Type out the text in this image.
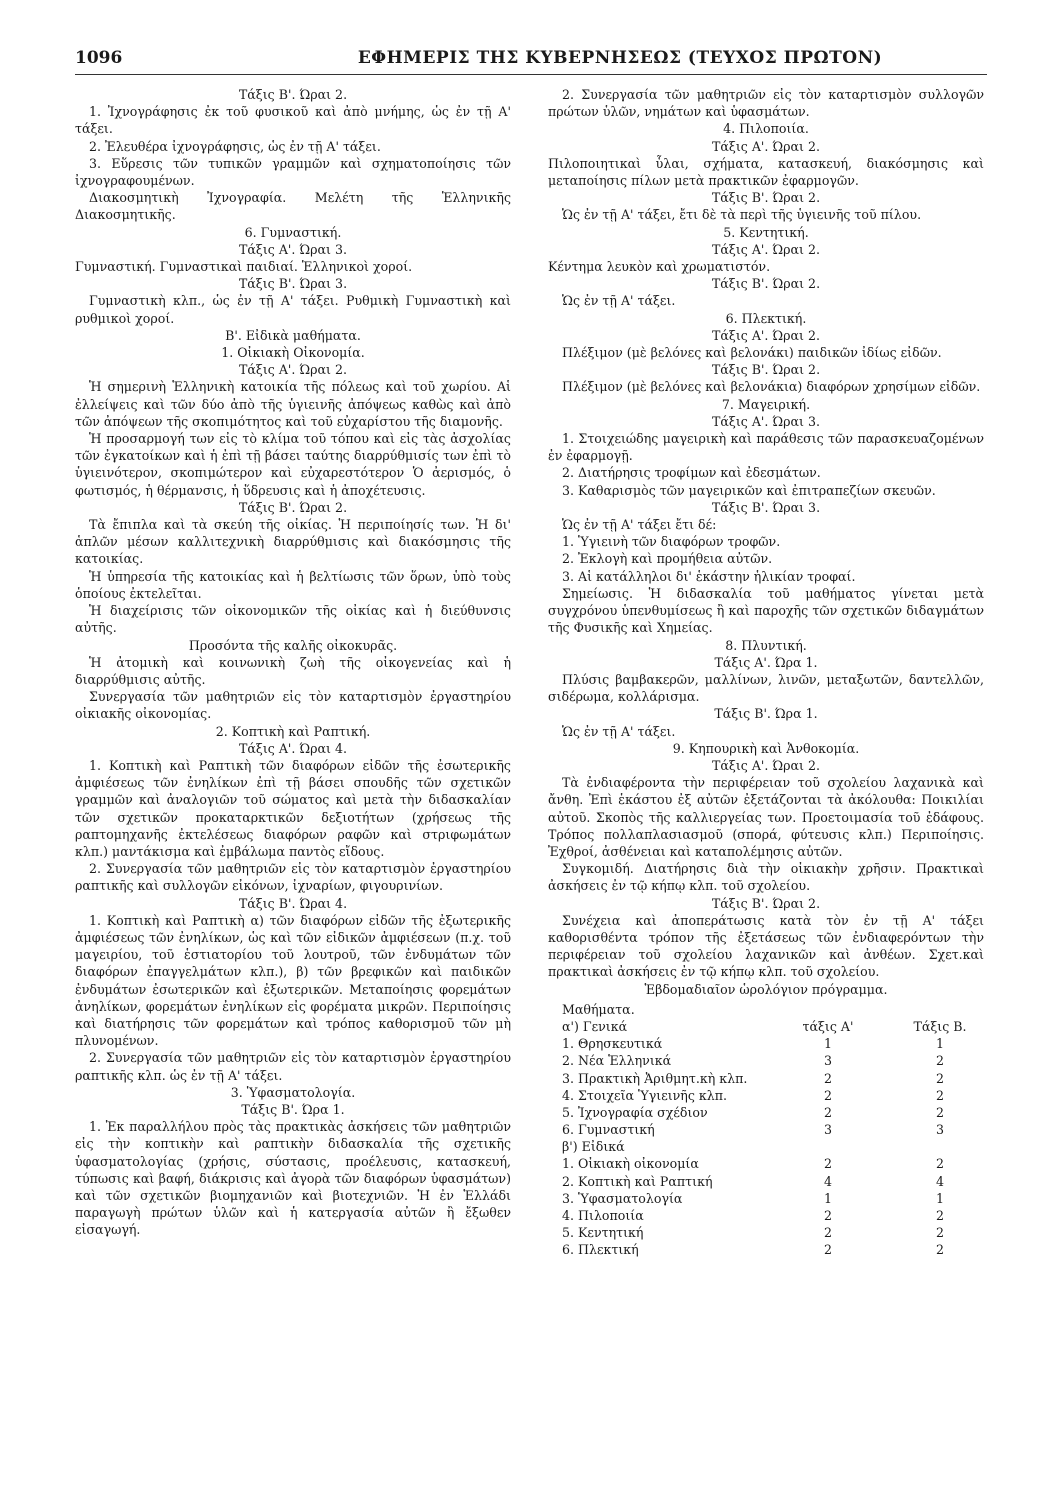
1096	ΕΦΗΜΕΡΙΣ ΤΗΣ ΚΥΒΕΡΝΗΣΕΩΣ (ΤΕΥΧΟΣ ΠΡΩΤΟΝ)

Τάξις Β'. Ώραι 2.

1. Ἰχνογράφησις ἐκ τοῦ φυσικοῦ καὶ ἀπὸ μνήμης, ὡς ἐν τῇ Α' τάξει.

2. Ἐλευθέρα ἰχνογράφησις, ὡς ἐν τῇ Α' τάξει.

3. Εὕρεσις τῶν τυπικῶν γραμμῶν καὶ σχηματοποίησις τῶν ἰχνογραφουμένων.

Διακοσμητικὴ Ἰχνογραφία. Μελέτη τῆς Ἑλληνικῆς Διακοσμητικῆς.

6. Γυμναστική.

Τάξις Α'. Ώραι 3.

Γυμναστική. Γυμναστικαὶ παιδιαί. Ἑλληνικοὶ χοροί.

Τάξις Β'. Ώραι 3.

Γυμναστικὴ κλπ., ὡς ἐν τῇ Α' τάξει. Ρυθμικὴ Γυμναστικὴ καὶ ρυθμικοὶ χοροί.

Β'. Εἰδικὰ μαθήματα.

1. Οἰκιακὴ Οἰκονομία.

Τάξις Α'. Ώραι 2.

Ἡ σημερινὴ Ἑλληνικὴ κατοικία τῆς πόλεως καὶ τοῦ χωρίου. Αἱ ἐλλείψεις καὶ τῶν δύο ἀπὸ τῆς ὑγιεινῆς ἀπόψεως καθὼς καὶ ἀπὸ τῶν ἀπόψεων τῆς σκοπιμότητος καὶ τοῦ εὐχαρίστου τῆς διαμονῆς.

Ἡ προσαρμογή των εἰς τὸ κλίμα τοῦ τόπου καὶ εἰς τὰς ἀσχολίας τῶν ἐγκατοίκων καὶ ἡ ἐπὶ τῇ βάσει ταύτης διαρρύθμισίς των ἐπὶ τὸ ὑγιεινότερον, σκοπιμώτερον καὶ εὐχαρεστότερον Ὁ ἀερισμός, ὁ φωτισμός, ἡ θέρμανσις, ἡ ὕδρευσις καὶ ἡ ἀποχέτευσις.

Τάξις Β'. Ώραι 2.

Τὰ ἔπιπλα καὶ τὰ σκεύη τῆς οἰκίας. Ἡ περιποίησίς των. Ἡ δι' ἁπλῶν μέσων καλλιτεχνικὴ διαρρύθμισις καὶ διακόσμησις τῆς κατοικίας.

Ἡ ὑπηρεσία τῆς κατοικίας καὶ ἡ βελτίωσις τῶν ὅρων, ὑπὸ τοὺς ὁποίους ἐκτελεῖται.

Ἡ διαχείρισις τῶν οἰκονομικῶν τῆς οἰκίας καὶ ἡ διεύθυνσις αὐτῆς.

Προσόντα τῆς καλῆς οἰκοκυρᾶς.

Ἡ ἀτομικὴ καὶ κοινωνικὴ ζωὴ τῆς οἰκογενείας καὶ ἡ διαρρύθμισις αὐτῆς.

Συνεργασία τῶν μαθητριῶν εἰς τὸν καταρτισμὸν ἐργαστηρίου οἰκιακῆς οἰκονομίας.

2. Κοπτικὴ καὶ Ραπτική.

Τάξις Α'. Ώραι 4.

1. Κοπτικὴ καὶ Ραπτικὴ τῶν διαφόρων εἰδῶν τῆς ἐσωτερικῆς ἀμφιέσεως τῶν ἐνηλίκων ἐπὶ τῇ βάσει σπουδῆς τῶν σχετικῶν γραμμῶν καὶ ἀναλογιῶν τοῦ σώματος καὶ μετὰ τὴν διδασκαλίαν τῶν σχετικῶν προκαταρκτικῶν δεξιοτήτων (χρήσεως τῆς ραπτομηχανῆς ἐκτελέσεως διαφόρων ραφῶν καὶ στριφωμάτων κλπ.) μαντάκισμα καὶ ἐμβάλωμα παντὸς εἴδους.

2. Συνεργασία τῶν μαθητριῶν εἰς τὸν καταρτισμὸν ἐργαστηρίου ραπτικῆς καὶ συλλογῶν εἰκόνων, ἰχναρίων, φιγουρινίων.

Τάξις Β'. Ώραι 4.

1. Κοπτικὴ καὶ Ραπτικὴ α) τῶν διαφόρων εἰδῶν τῆς ἐξωτερικῆς ἀμφιέσεως τῶν ἐνηλίκων, ὡς καὶ τῶν εἰδικῶν ἀμφιέσεων (π.χ. τοῦ μαγειρίου, τοῦ ἑστιατορίου τοῦ λουτροῦ, τῶν ἐνδυμάτων τῶν διαφόρων ἐπαγγελμάτων κλπ.), β) τῶν βρεφικῶν καὶ παιδικῶν ἐνδυμάτων ἐσωτερικῶν καὶ ἐξωτερικῶν. Μεταποίησις φορεμάτων ἀνηλίκων, φορεμάτων ἐνηλίκων εἰς φορέματα μικρῶν. Περιποίησις καὶ διατήρησις τῶν φορεμάτων καὶ τρόπος καθορισμοῦ τῶν μὴ πλυνομένων.

2. Συνεργασία τῶν μαθητριῶν εἰς τὸν καταρτισμὸν ἐργαστηρίου ραπτικῆς κλπ. ὡς ἐν τῇ Α' τάξει.

3. Ὑφασματολογία.

Τάξις Β'. Ώρα 1.

1. Ἐκ παραλλήλου πρὸς τὰς πρακτικὰς ἀσκήσεις τῶν μαθητριῶν εἰς τὴν κοπτικὴν καὶ ραπτικὴν διδασκαλία τῆς σχετικῆς ὑφασματολογίας (χρήσις, σύστασις, προέλευσις, κατασκευή, τύπωσις καὶ βαφή, διάκρισις καὶ ἀγορὰ τῶν διαφόρων ὑφασμάτων) καὶ τῶν σχετικῶν βιομηχανιῶν καὶ βιοτεχνιῶν. Ἡ ἐν Ἑλλάδι παραγωγὴ πρώτων ὑλῶν καὶ ἡ κατεργασία αὐτῶν ἢ ἔξωθεν εἰσαγωγή.

2. Συνεργασία τῶν μαθητριῶν εἰς τὸν καταρτισμὸν συλλογῶν πρώτων ὑλῶν, νημάτων καὶ ὑφασμάτων.

4. Πιλοποιία.

Τάξις Α'. Ώραι 2.

Πιλοποιητικαὶ ὗλαι, σχήματα, κατασκευή, διακόσμησις καὶ μεταποίησις πίλων μετὰ πρακτικῶν ἐφαρμογῶν.

Τάξις Β'. Ώραι 2.

Ὡς ἐν τῇ Α' τάξει, ἔτι δὲ τὰ περὶ τῆς ὑγιεινῆς τοῦ πίλου.

5. Κεντητική.

Τάξις Α'. Ώραι 2.

Κέντημα λευκὸν καὶ χρωματιστόν.

Τάξις Β'. Ώραι 2.

Ὡς ἐν τῇ Α' τάξει.

6. Πλεκτική.

Τάξις Α'. Ώραι 2.

Πλέξιμον (μὲ βελόνες καὶ βελονάκι) παιδικῶν ἰδίως εἰδῶν.

Τάξις Β'. Ώραι 2.

Πλέξιμον (μὲ βελόνες καὶ βελονάκια) διαφόρων χρησίμων εἰδῶν.

7. Μαγειρική.

Τάξις Α'. Ώραι 3.

1. Στοιχειώδης μαγειρικὴ καὶ παράθεσις τῶν παρασκευαζομένων ἐν ἐφαρμογῇ.

2. Διατήρησις τροφίμων καὶ ἐδεσμάτων.

3. Καθαρισμὸς τῶν μαγειρικῶν καὶ ἐπιτραπεζίων σκευῶν.

Τάξις Β'. Ώραι 3.

Ὡς ἐν τῇ Α' τάξει ἔτι δέ:

1. Ὑγιεινὴ τῶν διαφόρων τροφῶν.

2. Ἐκλογὴ καὶ προμήθεια αὐτῶν.

3. Αἱ κατάλληλοι δι' ἑκάστην ἡλικίαν τροφαί.

Σημείωσις. Ἡ διδασκαλία τοῦ μαθήματος γίνεται μετὰ συγχρόνου ὑπενθυμίσεως ἢ καὶ παροχῆς τῶν σχετικῶν διδαγμάτων τῆς Φυσικῆς καὶ Χημείας.

8. Πλυντική.

Τάξις Α'. Ώρα 1.

Πλύσις βαμβακερῶν, μαλλίνων, λινῶν, μεταξωτῶν, δαντελλῶν, σιδέρωμα, κολλάρισμα.

Τάξις Β'. Ώρα 1.

Ὡς ἐν τῇ Α' τάξει.

9. Κηπουρικὴ καὶ Ἀνθοκομία.

Τάξις Α'. Ώραι 2.

Τὰ ἐνδιαφέροντα τὴν περιφέρειαν τοῦ σχολείου λαχανικὰ καὶ ἄνθη. Ἐπὶ ἑκάστου ἐξ αὐτῶν ἐξετάζονται τὰ ἀκόλουθα: Ποικιλίαι αὐτοῦ. Σκοπὸς τῆς καλλιεργείας των. Προετοιμασία τοῦ ἐδάφους. Τρόπος πολλαπλασιασμοῦ (σπορά, φύτευσις κλπ.) Περιποίησις. Ἐχθροί, ἀσθένειαι καὶ καταπολέμησις αὐτῶν.

Συγκομιδή. Διατήρησις διὰ τὴν οἰκιακὴν χρῆσιν. Πρακτικαὶ ἀσκήσεις ἐν τῷ κήπῳ κλπ. τοῦ σχολείου.

Τάξις Β'. Ώραι 2.

Συνέχεια καὶ ἀποπεράτωσις κατὰ τὸν ἐν τῇ Α' τάξει καθορισθέντα τρόπον τῆς ἐξετάσεως τῶν ἐνδιαφερόντων τὴν περιφέρειαν τοῦ σχολείου λαχανικῶν καὶ ἀνθέων. Σχετ.καὶ πρακτικαὶ ἀσκήσεις ἐν τῷ κήπῳ κλπ. τοῦ σχολείου.

Ἑβδομαδιαῖον ὡρολόγιον πρόγραμμα.

Μαθήματα.
α') Γενικά	τάξις Α'	Τάξις Β.
1. Θρησκευτικά	1	1
2. Νέα Ἑλληνικά	3	2
3. Πρακτικὴ Ἀριθμητ.κὴ κλπ.	2	2
4. Στοιχεῖα Ὑγιεινῆς κλπ.	2	2
5. Ἰχνογραφία σχέδιον	2	2
6. Γυμναστική	3	3
β') Εἰδικά
1. Οἰκιακὴ οἰκονομία	2	2
2. Κοπτικὴ καὶ Ραπτική	4	4
3. Ὑφασματολογία	1	1
4. Πιλοποιία	2	2
5. Κεντητική	2	2
6. Πλεκτική	2	2
